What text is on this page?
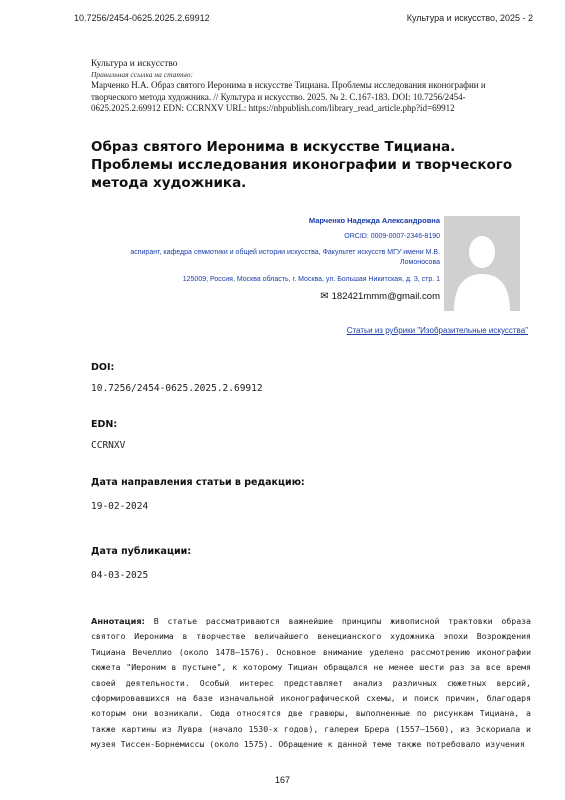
10.7256/2454-0625.2025.2.69912	Культура и искусство, 2025 - 2
Культура и искусство
Правильная ссылка на статью:
Марченко Н.А. Образ святого Иеронима в искусстве Тициана. Проблемы исследования иконографии и творческого метода художника. // Культура и искусство. 2025. № 2. С.167-183. DOI: 10.7256/2454-0625.2025.2.69912 EDN: CCRNXV URL: https://nbpublish.com/library_read_article.php?id=69912
Образ святого Иеронима в искусстве Тициана. Проблемы исследования иконографии и творческого метода художника.
Марченко Надежда Александровна
ORCID: 0009-0007-2346-8190
аспирант, кафедра семиотики и общей истории искусства, Факультет искусств МГУ имени М.В. Ломоносова
125009, Россия, Москва область, г. Москва, ул. Большая Никитская, д. 3, стр. 1
✉ 182421mmm@gmail.com
Статьи из рубрики "Изобразительные искусства"
DOI:
10.7256/2454-0625.2025.2.69912
EDN:
CCRNXV
Дата направления статьи в редакцию:
19-02-2024
Дата публикации:
04-03-2025
Аннотация: В статье рассматриваются важнейшие принципы живописной трактовки образа святого Иеронима в творчестве величайшего венецианского художника эпохи Возрождения Тициана Вечеллио (около 1478–1576). Основное внимание уделено рассмотрению иконографии сюжета "Иероним в пустыне", к которому Тициан обращался не менее шести раз за все время своей деятельности. Особый интерес представляет анализ различных сюжетных версий, сформировавшихся на базе изначальной иконографической схемы, и поиск причин, благодаря которым они возникали. Сюда относятся две гравюры, выполненные по рисункам Тициана, а также картины из Лувра (начало 1530-х годов), галереи Брера (1557–1560), из Эскориала и музея Тиссен-Борнемиссы (около 1575). Обращение к данной теме также потребовало изучения
167
